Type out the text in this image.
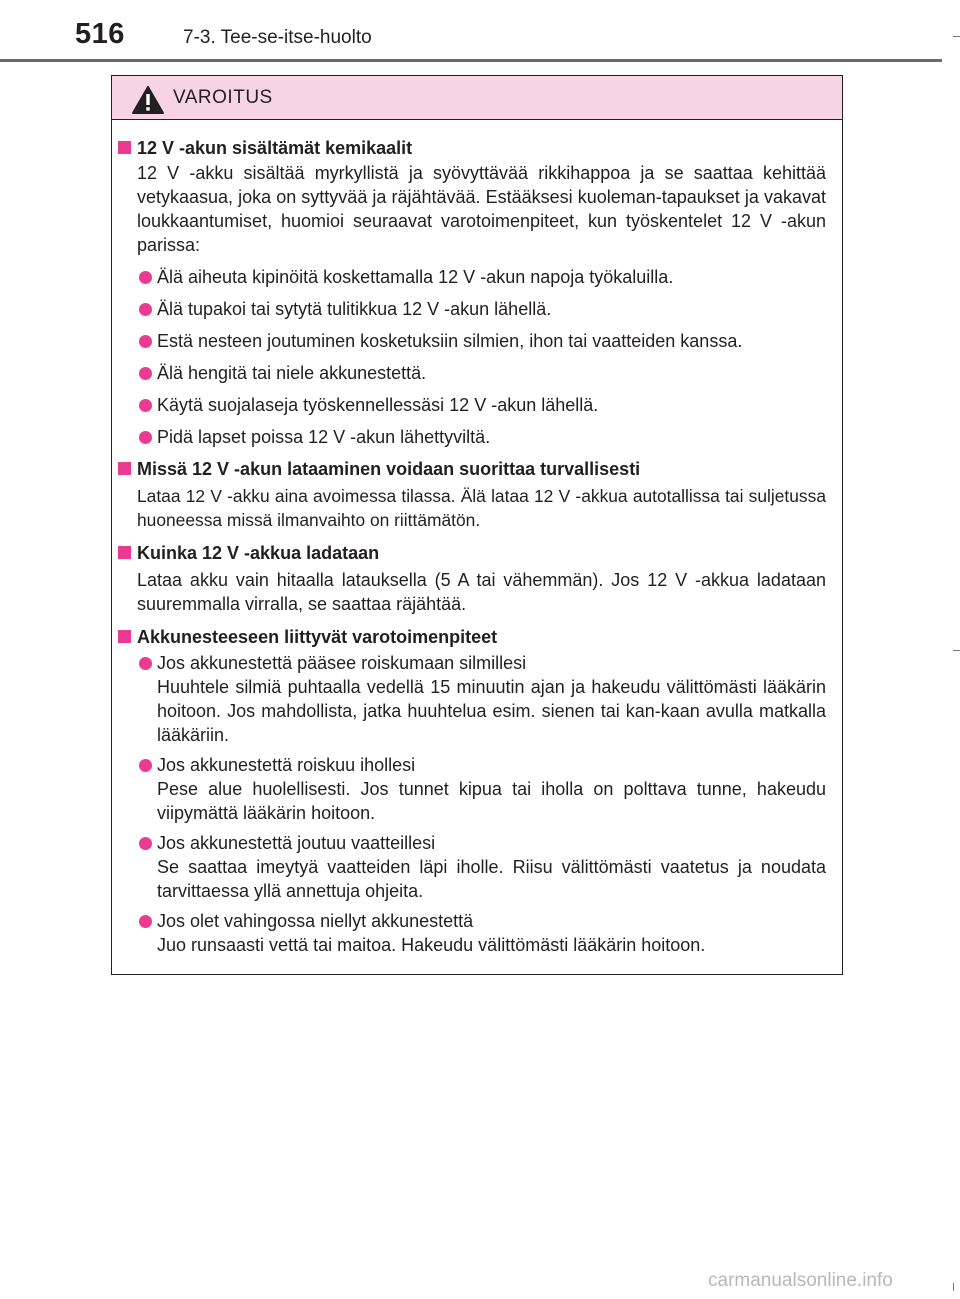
516	7-3. Tee-se-itse-huolto
VAROITUS
12 V -akun sisältämät kemikaalit

12 V -akku sisältää myrkyllistä ja syövyttävää rikkihappoa ja se saattaa kehittää vetykaasua, joka on syttyvää ja räjähtävää. Estääksesi kuoleman-tapaukset ja vakavat loukkaantumiset, huomioi seuraavat varotoimenpiteet, kun työskentelet 12 V -akun parissa:

Älä aiheuta kipinöitä koskettamalla 12 V -akun napoja työkaluilla.
Älä tupakoi tai sytytä tulitikkua 12 V -akun lähellä.
Estä nesteen joutuminen kosketuksiin silmien, ihon tai vaatteiden kanssa.
Älä hengitä tai niele akkunestettä.
Käytä suojalaseja työskennellessäsi 12 V -akun lähellä.
Pidä lapset poissa 12 V -akun lähettyviltä.
Missä 12 V -akun lataaminen voidaan suorittaa turvallisesti

Lataa 12 V -akku aina avoimessa tilassa. Älä lataa 12 V -akkua autotallissa tai suljetussa huoneessa missä ilmanvaihto on riittämätön.

Kuinka 12 V -akkua ladataan

Lataa akku vain hitaalla latauksella (5 A tai vähemmän). Jos 12 V -akkua ladataan suuremmalla virralla, se saattaa räjähtää.

Akkunesteeseen liittyvät varotoimenpiteet
Jos akkunestettä pääsee roiskumaan silmillesi
Huuhtele silmiä puhtaalla vedellä 15 minuutin ajan ja hakeudu välittömästi lääkärin hoitoon. Jos mahdollista, jatka huuhtelua esim. sienen tai kan-kaan avulla matkalla lääkäriin.
Jos akkunestettä roiskuu ihollesi
Pese alue huolellisesti. Jos tunnet kipua tai iholla on polttava tunne, hakeudu viipymättä lääkärin hoitoon.
Jos akkunestettä joutuu vaatteillesi
Se saattaa imeytyä vaatteiden läpi iholle. Riisu välittömästi vaatetus ja noudata tarvittaessa yllä annettuja ohjeita.
Jos olet vahingossa niellyt akkunestettä
Juo runsaasti vettä tai maitoa. Hakeudu välittömästi lääkärin hoitoon.
carmanualsonline.info
